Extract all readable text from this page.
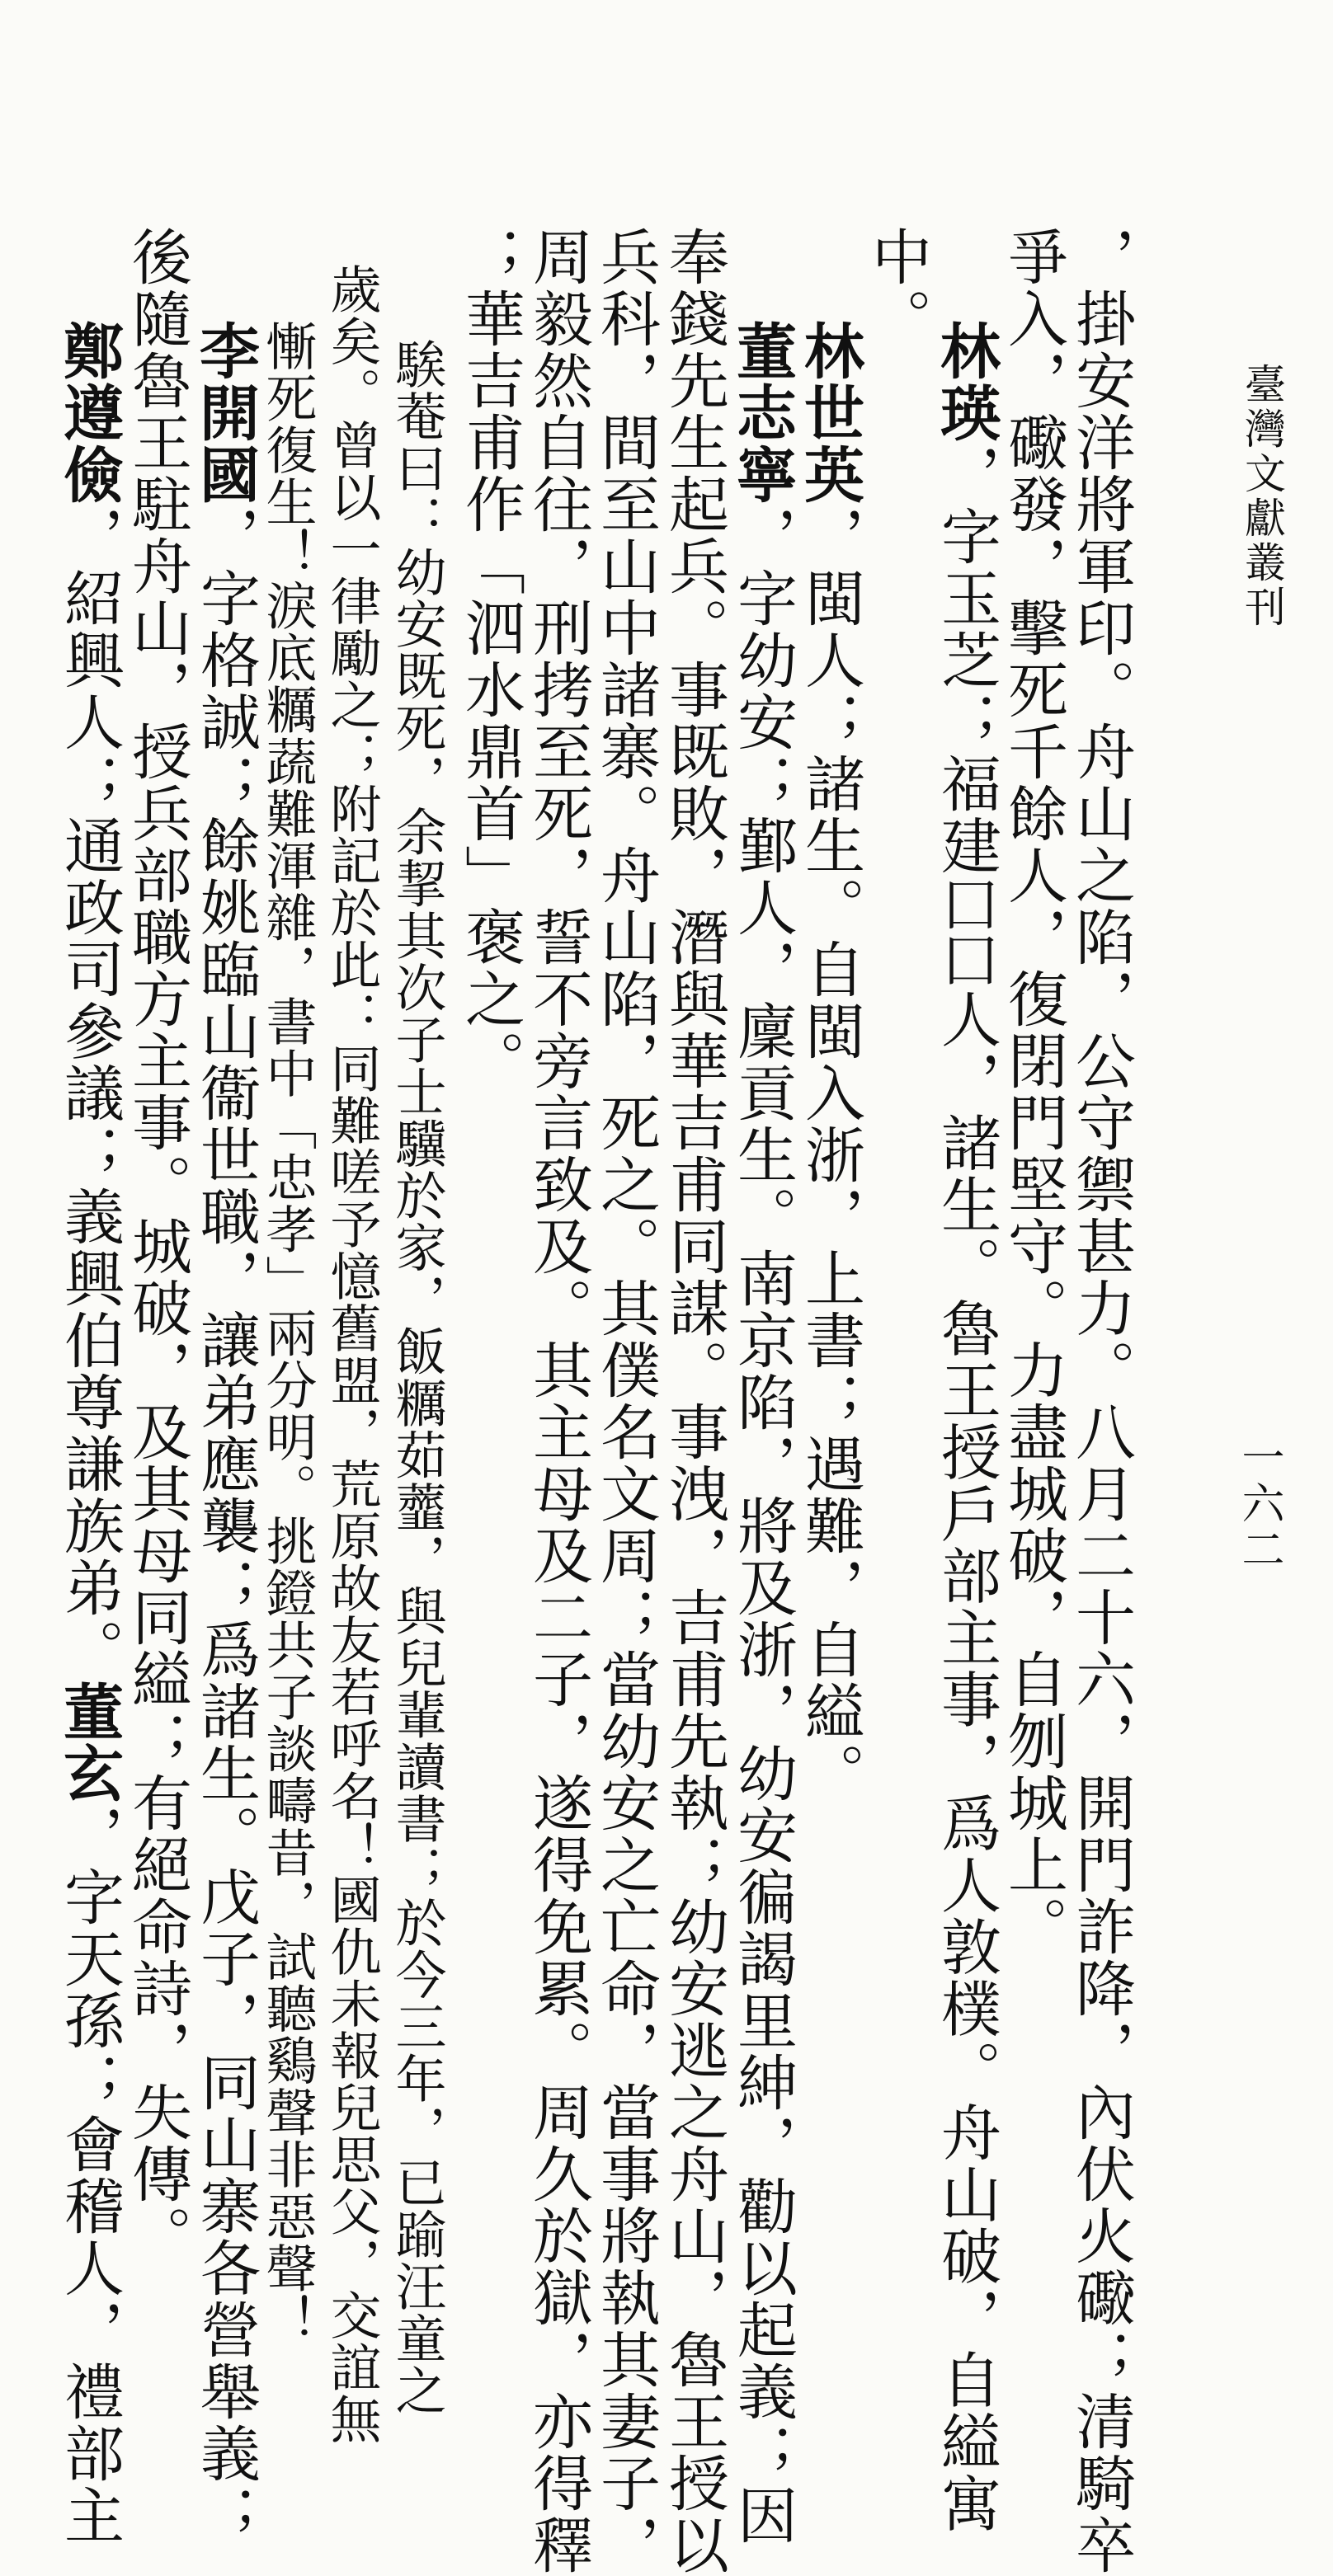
臺灣文獻叢刊
一六二
，掛安洋將軍印。舟山之陷，公守禦甚力。八月二十六，開門詐降，內伏火礮；清騎卒
爭入，礮發，擊死千餘人，復閉門堅守。力盡城破，自刎城上。
林瑛，字玉芝；福建囗囗人，諸生。魯王授戶部主事，爲人敦樸。舟山破，自縊寓
中。
林世英，閩人；諸生。自閩入浙，上書；遇難，自縊。
董志寧，字幼安；鄞人，廩貢生。南京陷，將及浙，幼安徧謁里紳，勸以起義；因
奉錢先生起兵。事既敗，潛與華吉甫同謀。事洩，吉甫先執；幼安逃之舟山，魯王授以
兵科，間至山中諸寨。舟山陷，死之。其僕名文周；當幼安之亡命，當事將執其妻子，
周毅然自往，刑拷至死，誓不旁言致及。其主母及二子，遂得免累。周久於獄，亦得釋
；華吉甫作「泗水鼎首」褒之。
騃菴曰：幼安既死，余挈其次子士驥於家，飯糲茹虀，與兒輩讀書；於今三年，已踰汪童之
歲矣。曾以一律勵之；附記於此：同難嗟予憶舊盟，荒原故友若呼名！國仇未報兒思父，交誼無
慚死復生！淚底糲蔬難渾雜，書中「忠孝」兩分明。挑鐙共子談疇昔，試聽鷄聲非惡聲！
李開國，字格誠；餘姚臨山衞世職，讓弟應襲；爲諸生。戊子，同山寨各營舉義；
後隨魯王駐舟山，授兵部職方主事。城破，及其母同縊；有絕命詩，失傳。
鄭遵儉，紹興人；通政司參議；義興伯尊謙族弟。董玄，字天孫；會稽人，禮部主
